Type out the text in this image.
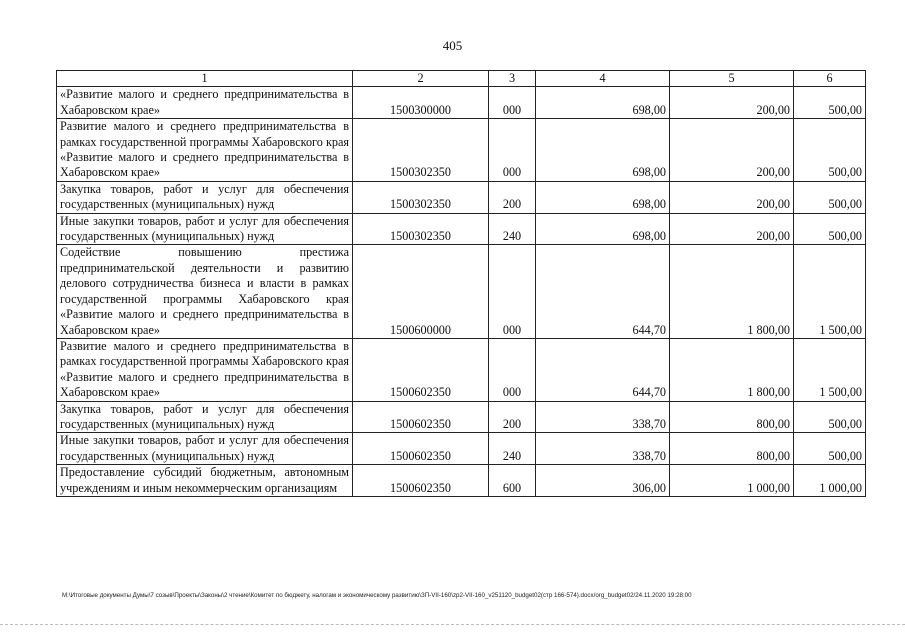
405
1	2	3	4	5	6
«Развитие малого и среднего предпринимательства в Хабаровском крае»	1500300000	000	698,00	200,00	500,00
Развитие малого и среднего предпринимательства в рамках государственной программы Хабаровского края «Развитие малого и среднего предпринимательства в Хабаровском крае»	1500302350	000	698,00	200,00	500,00
Закупка товаров, работ и услуг для обеспечения государственных (муниципальных) нужд	1500302350	200	698,00	200,00	500,00
Иные закупки товаров, работ и услуг для обеспечения государственных (муниципальных) нужд	1500302350	240	698,00	200,00	500,00
Содействие повышению престижа предпринимательской деятельности и развитию делового сотрудничества бизнеса и власти в рамках государственной программы Хабаровского края «Развитие малого и среднего предпринимательства в Хабаровском крае»	1500600000	000	644,70	1 800,00	1 500,00
Развитие малого и среднего предпринимательства в рамках государственной программы Хабаровского края «Развитие малого и среднего предпринимательства в Хабаровском крае»	1500602350	000	644,70	1 800,00	1 500,00
Закупка товаров, работ и услуг для обеспечения государственных (муниципальных) нужд	1500602350	200	338,70	800,00	500,00
Иные закупки товаров, работ и услуг для обеспечения государственных (муниципальных) нужд	1500602350	240	338,70	800,00	500,00
Предоставление субсидий бюджетным, автономным учреждениям и иным некоммерческим организациям	1500602350	600	306,00	1 000,00	1 000,00
M:\Итоговые документы Думы\7 созыв\Проекты\Законы\2 чтение\Комитет по бюджету, налогам и экономическому развитию\ЗП-VII-160\zp2-VII-160_v251120_budget02(стр 166-574).docx/org_budget02/24.11.2020 19:28:00
